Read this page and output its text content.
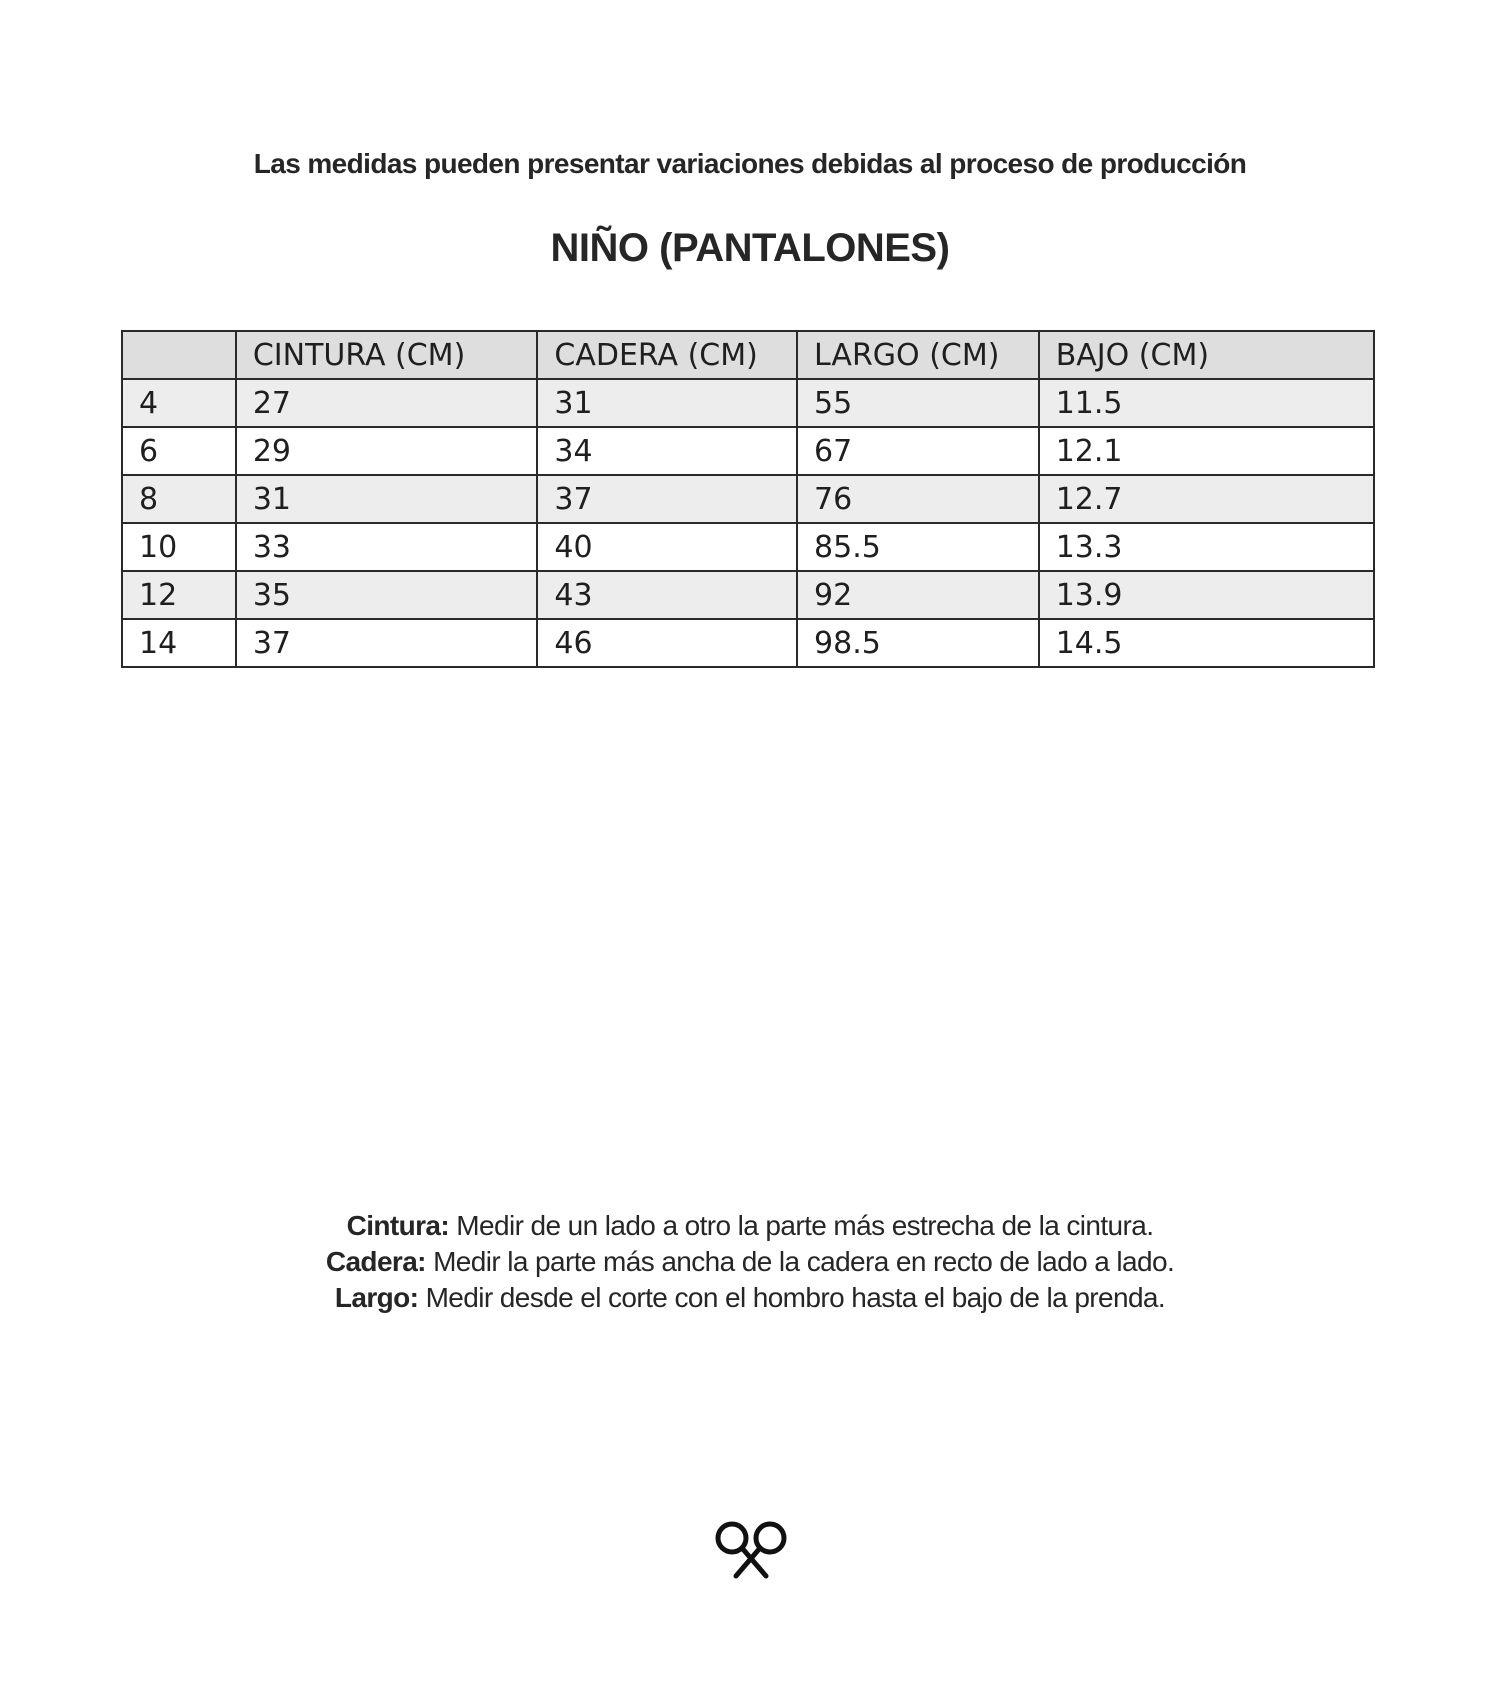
Las medidas pueden presentar variaciones debidas al proceso de producción
NIÑO (PANTALONES)
	CINTURA (CM)	CADERA (CM)	LARGO (CM)	BAJO (CM)
4	27	31	55	11.5
6	29	34	67	12.1
8	31	37	76	12.7
10	33	40	85.5	13.3
12	35	43	92	13.9
14	37	46	98.5	14.5
Cintura: Medir de un lado a otro la parte más estrecha de la cintura.
Cadera: Medir la parte más ancha de la cadera en recto de lado a lado.
Largo: Medir desde el corte con el hombro hasta el bajo de la prenda.
